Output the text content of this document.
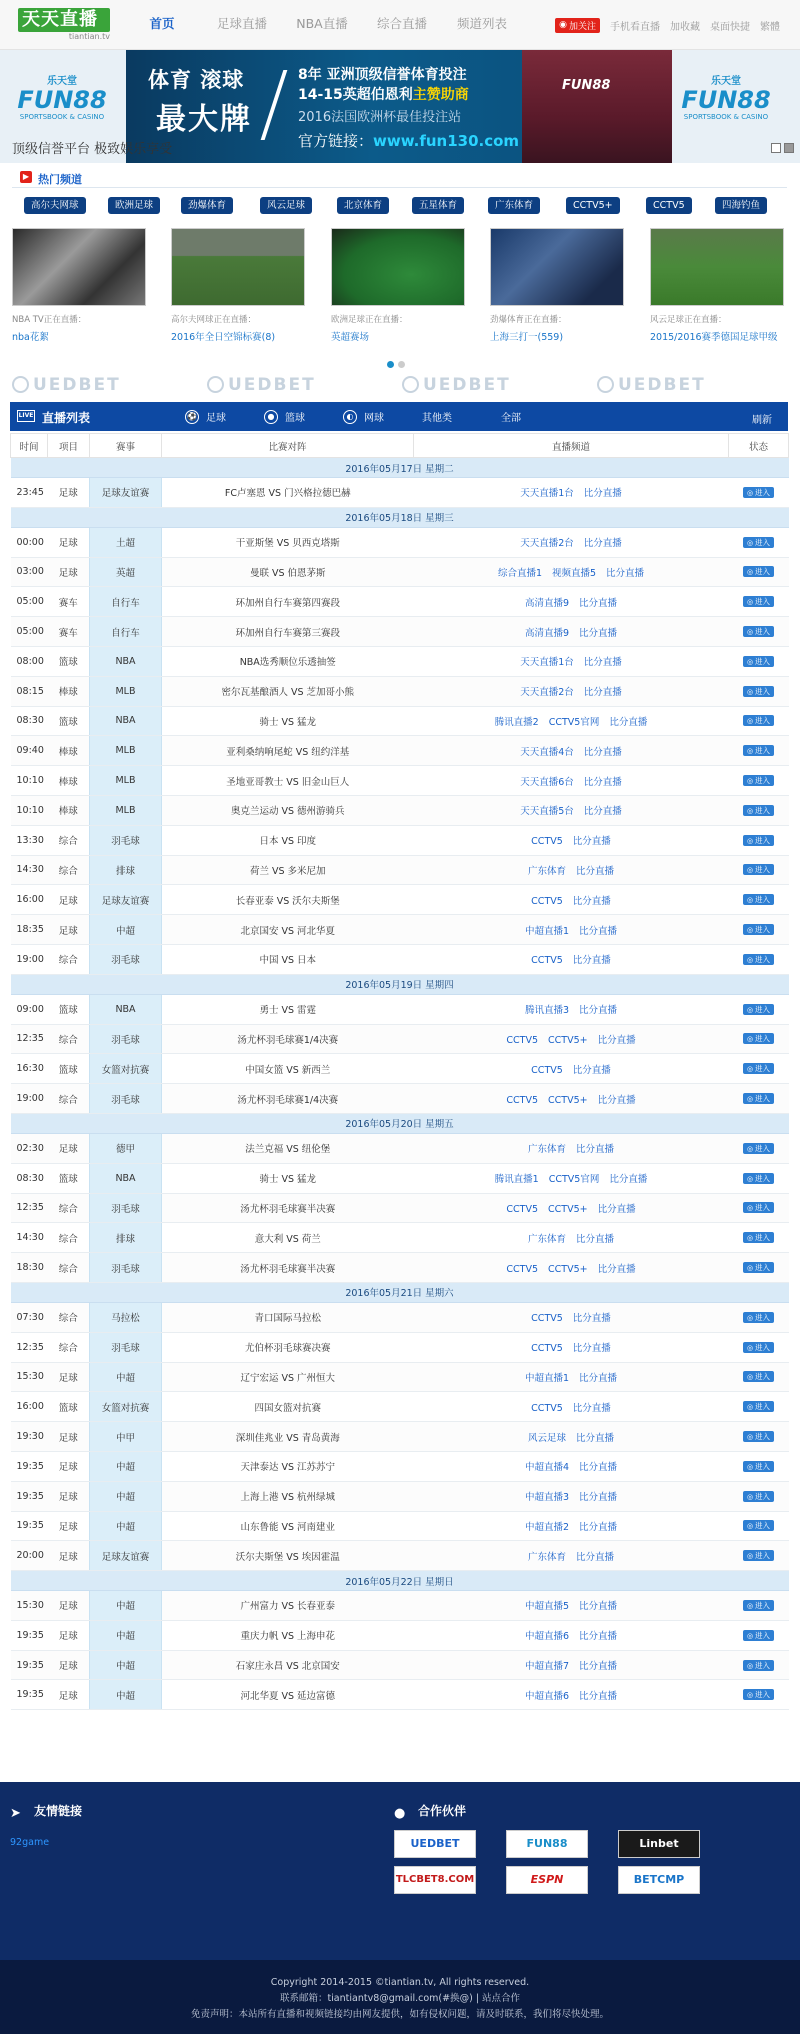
天天直播
tiantian.tv
首页	足球直播	NBA直播	综合直播	频道列表	◉ 加关注 手机看直播 加收藏 桌面快捷 繁體
乐天堂
FUN88
SPORTSBOOK & CASINO
体育 滚球
最大牌
8年 亚洲顶级信誉体育投注
14-15英超伯恩利主赞助商
2016法国欧洲杯最佳投注站
官方链接：www.fun130.com
FUN88	乐天堂
FUN88
SPORTSBOOK & CASINO
顶级信誉平台 极致娱乐享受
▶ 热门频道
高尔夫网球	欧洲足球	劲爆体育	风云足球	北京体育	五星体育	广东体育	CCTV5+	CCTV5	四海钓鱼
NBA TV正在直播：
nba花絮
高尔夫网球正在直播：
2016年全日空锦标赛(8)
欧洲足球正在直播：
英超赛场
劲爆体育正在直播：
上海三打一(559)
风云足球正在直播：
2015/2016赛季德国足球甲级
UEDBET	UEDBET	UEDBET	UEDBET
LIVE 直播列表	⚽ 足球	●	篮球	◐	网球	其他类	全部	刷新
时间	项目	赛事	比赛对阵	直播频道	状态
2016年05月17日 星期二					
23:45	足球	足球友谊赛	FC卢塞恩 VS 门兴格拉德巴赫	天天直播1台 比分直播	◎ 进入
2016年05月18日 星期三					
00:00	足球	土超	干亚斯堡 VS 贝西克塔斯	天天直播2台 比分直播	◎ 进入
03:00	足球	英超	曼联 VS 伯恩茅斯	综合直播1 视频直播5 比分直播	◎ 进入
05:00	赛车	自行车	环加州自行车赛第四赛段	高清直播9 比分直播	◎ 进入
05:00	赛车	自行车	环加州自行车赛第三赛段	高清直播9 比分直播	◎ 进入
08:00	篮球	NBA	NBA选秀顺位乐透抽签	天天直播1台 比分直播	◎ 进入
08:15	棒球	MLB	密尔瓦基酿酒人 VS 芝加哥小熊	天天直播2台 比分直播	◎ 进入
08:30	篮球	NBA	骑士 VS 猛龙	腾讯直播2 CCTV5官网 比分直播	◎ 进入
09:40	棒球	MLB	亚利桑纳响尾蛇 VS 纽约洋基	天天直播4台 比分直播	◎ 进入
10:10	棒球	MLB	圣地亚哥教士 VS 旧金山巨人	天天直播6台 比分直播	◎ 进入
10:10	棒球	MLB	奥克兰运动 VS 德州游骑兵	天天直播5台 比分直播	◎ 进入
13:30	综合	羽毛球	日本 VS 印度	CCTV5 比分直播	◎ 进入
14:30	综合	排球	荷兰 VS 多米尼加	广东体育 比分直播	◎ 进入
16:00	足球	足球友谊赛	长春亚泰 VS 沃尔夫斯堡	CCTV5 比分直播	◎ 进入
18:35	足球	中超	北京国安 VS 河北华夏	中超直播1 比分直播	◎ 进入
19:00	综合	羽毛球	中国 VS 日本	CCTV5 比分直播	◎ 进入
2016年05月19日 星期四					
09:00	篮球	NBA	勇士 VS 雷霆	腾讯直播3 比分直播	◎ 进入
12:35	综合	羽毛球	汤尤杯羽毛球赛1/4决赛	CCTV5 CCTV5+ 比分直播	◎ 进入
16:30	篮球	女篮对抗赛	中国女篮 VS 新西兰	CCTV5 比分直播	◎ 进入
19:00	综合	羽毛球	汤尤杯羽毛球赛1/4决赛	CCTV5 CCTV5+ 比分直播	◎ 进入
2016年05月20日 星期五					
02:30	足球	德甲	法兰克福 VS 纽伦堡	广东体育 比分直播	◎ 进入
08:30	篮球	NBA	骑士 VS 猛龙	腾讯直播1 CCTV5官网 比分直播	◎ 进入
12:35	综合	羽毛球	汤尤杯羽毛球赛半决赛	CCTV5 CCTV5+ 比分直播	◎ 进入
14:30	综合	排球	意大利 VS 荷兰	广东体育 比分直播	◎ 进入
18:30	综合	羽毛球	汤尤杯羽毛球赛半决赛	CCTV5 CCTV5+ 比分直播	◎ 进入
2016年05月21日 星期六					
07:30	综合	马拉松	青口国际马拉松	CCTV5 比分直播	◎ 进入
12:35	综合	羽毛球	尤伯杯羽毛球赛决赛	CCTV5 比分直播	◎ 进入
15:30	足球	中超	辽宁宏运 VS 广州恒大	中超直播1 比分直播	◎ 进入
16:00	篮球	女篮对抗赛	四国女篮对抗赛	CCTV5 比分直播	◎ 进入
19:30	足球	中甲	深圳佳兆业 VS 青岛黄海	风云足球 比分直播	◎ 进入
19:35	足球	中超	天津泰达 VS 江苏苏宁	中超直播4 比分直播	◎ 进入
19:35	足球	中超	上海上港 VS 杭州绿城	中超直播3 比分直播	◎ 进入
19:35	足球	中超	山东鲁能 VS 河南建业	中超直播2 比分直播	◎ 进入
20:00	足球	足球友谊赛	沃尔夫斯堡 VS 埃因霍温	广东体育 比分直播	◎ 进入
2016年05月22日 星期日					
15:30	足球	中超	广州富力 VS 长春亚泰	中超直播5 比分直播	◎ 进入
19:35	足球	中超	重庆力帆 VS 上海申花	中超直播6 比分直播	◎ 进入
19:35	足球	中超	石家庄永昌 VS 北京国安	中超直播7 比分直播	◎ 进入
19:35	足球	中超	河北华夏 VS 延边富德	中超直播6 比分直播	◎ 进入
➤ 友情链接
92game
● 合作伙伴
UEDBET	FUN88	Linbet
TLCBET8.COM	ESPN	BETCMP
Copyright 2014-2015 ©tiantian.tv, All rights reserved.
联系邮箱：tiantiantv8@gmail.com(#换@) | 站点合作
免责声明：本站所有直播和视频链接均由网友提供，如有侵权问题，请及时联系，我们将尽快处理。
